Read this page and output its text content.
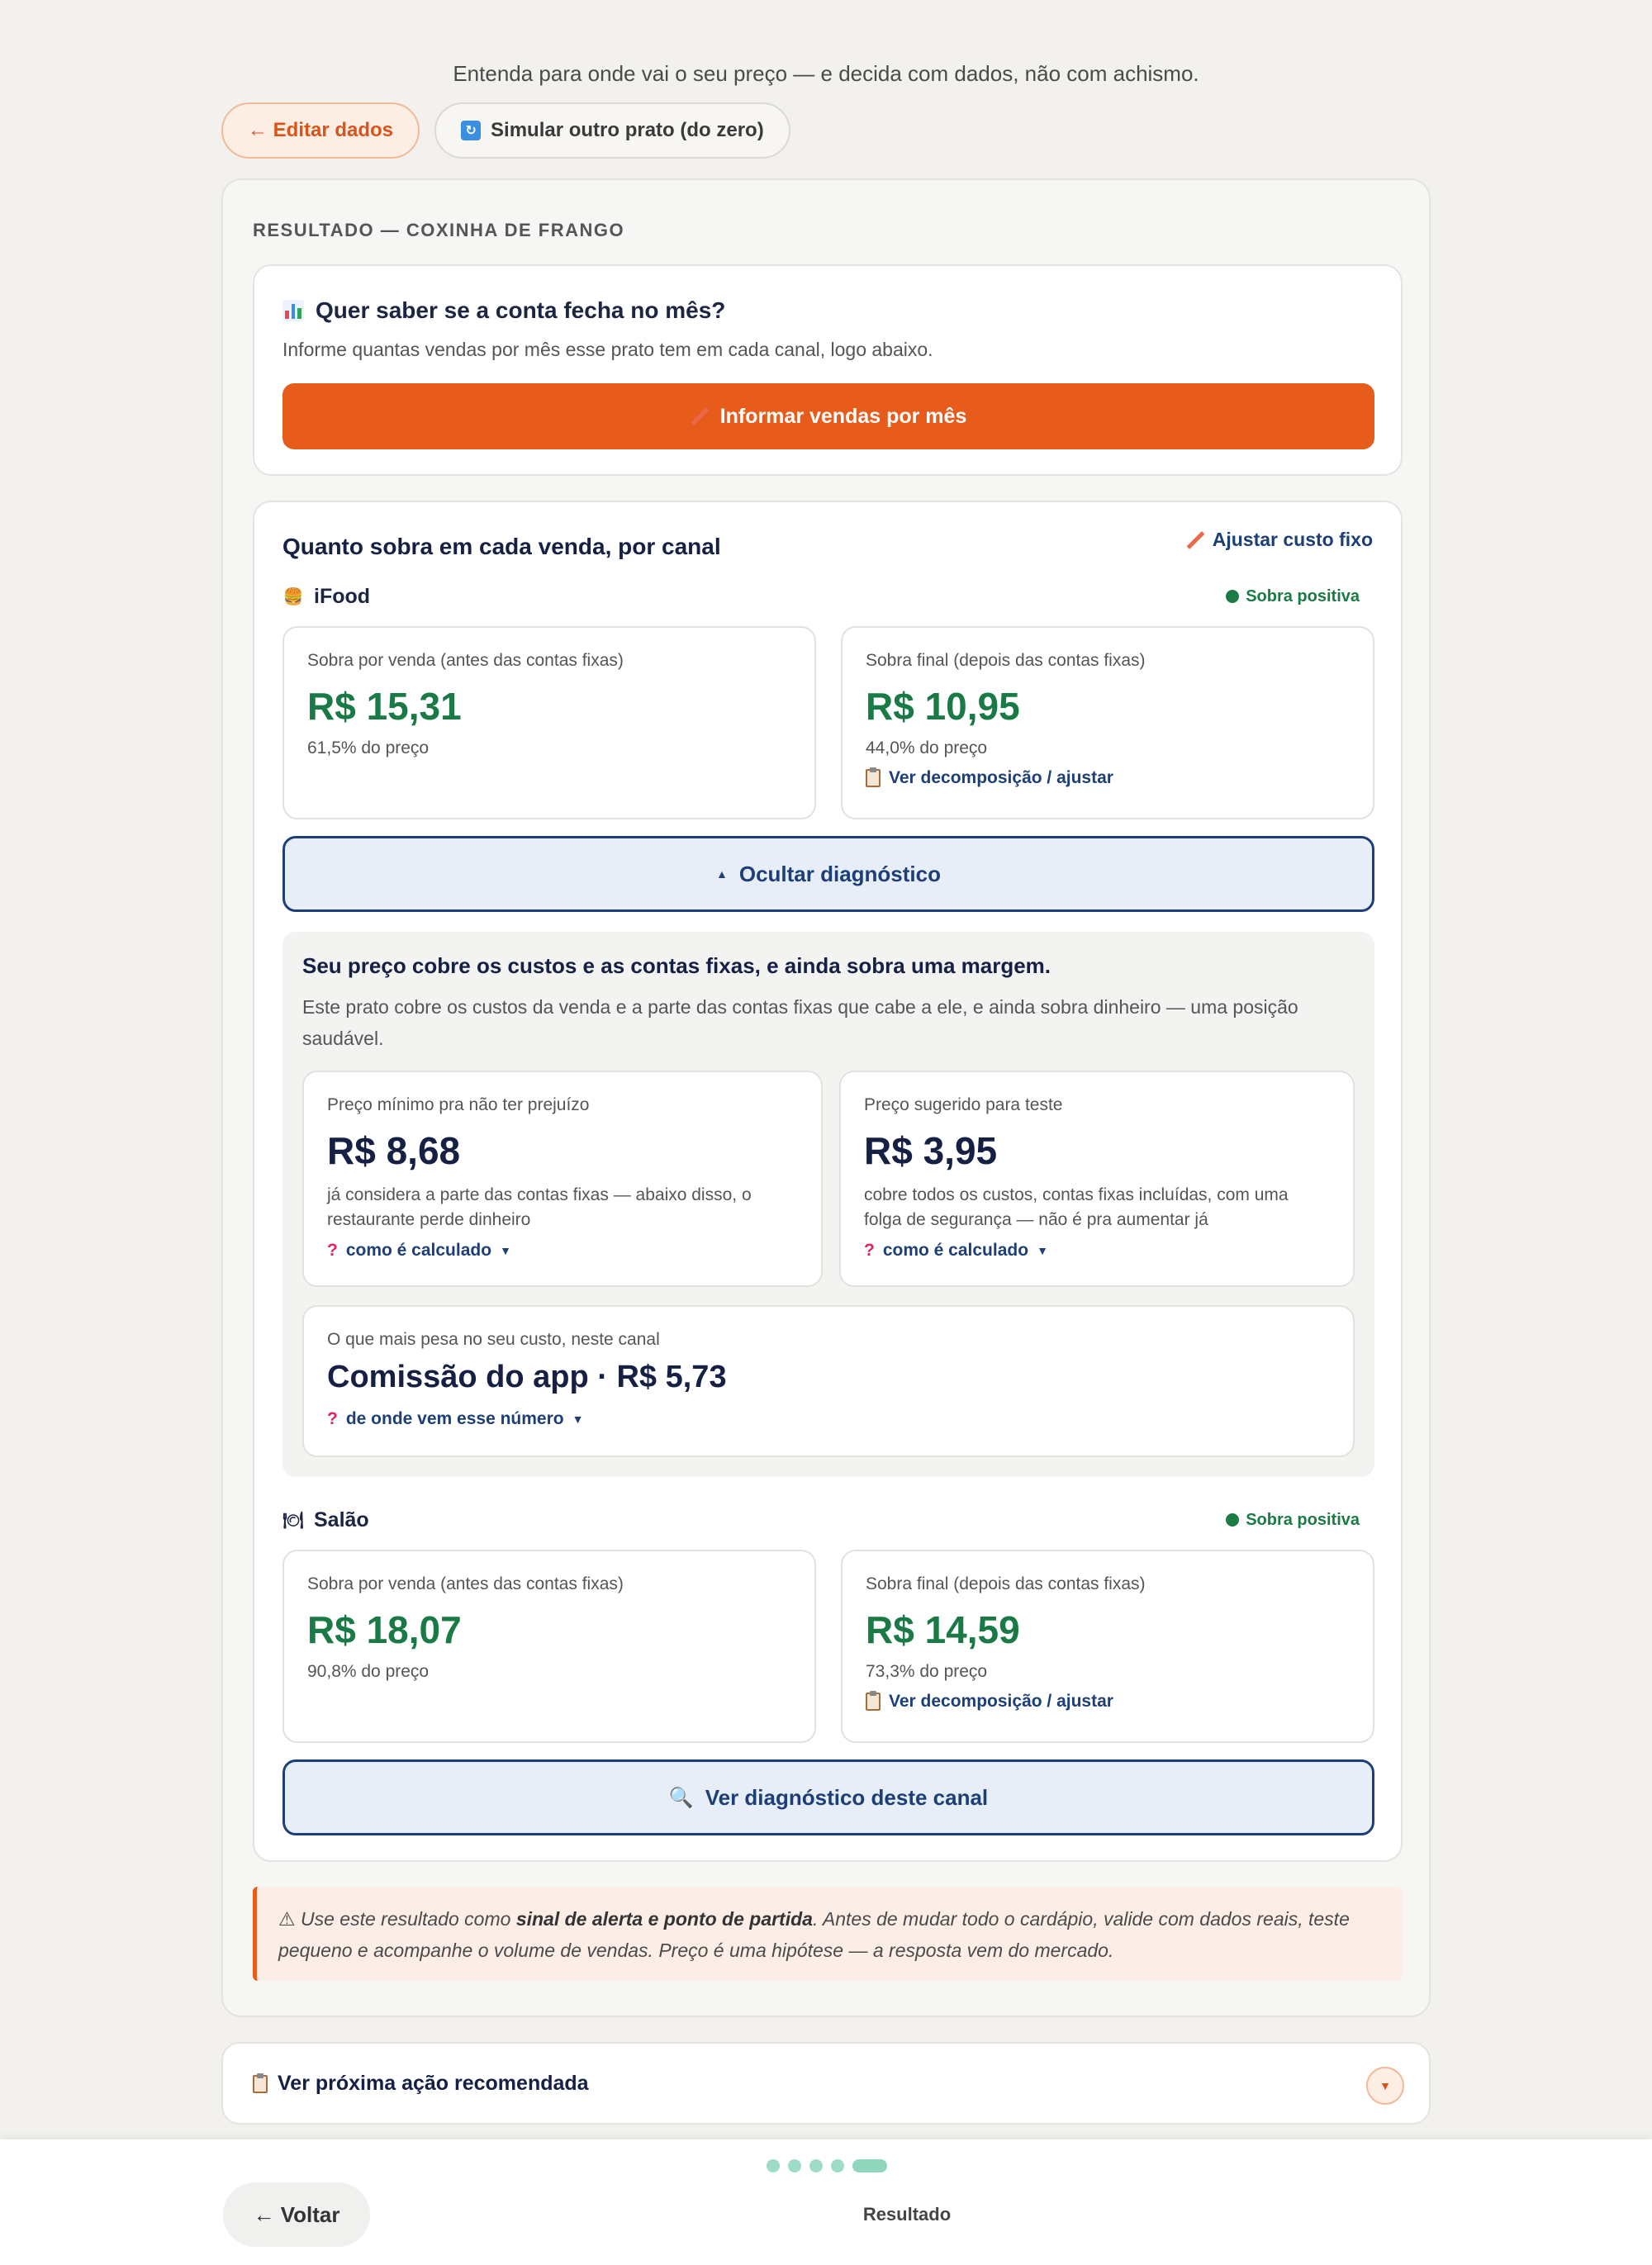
Entenda para onde vai o seu preço — e decida com dados, não com achismo.
← Editar dados	↻ Simular outro prato (do zero)
RESULTADO — COXINHA DE FRANGO
Quer saber se a conta fecha no mês?
Informe quantas vendas por mês esse prato tem em cada canal, logo abaixo.
Informar vendas por mês
Quanto sobra em cada venda, por canal	Ajustar custo fixo
🍔 iFood	Sobra positiva
Sobra por venda (antes das contas fixas)
R$ 15,31
61,5% do preço
Sobra final (depois das contas fixas)
R$ 10,95
44,0% do preço
Ver decomposição / ajustar
▲ Ocultar diagnóstico
Seu preço cobre os custos e as contas fixas, e ainda sobra uma margem.
Este prato cobre os custos da venda e a parte das contas fixas que cabe a ele, e ainda sobra dinheiro — uma posição saudável.
Preço mínimo pra não ter prejuízo
R$ 8,68
já considera a parte das contas fixas — abaixo disso, o restaurante perde dinheiro
? como é calculado ▼
Preço sugerido para teste
R$ 3,95
cobre todos os custos, contas fixas incluídas, com uma folga de segurança — não é pra aumentar já
? como é calculado ▼
O que mais pesa no seu custo, neste canal
Comissão do app · R$ 5,73
? de onde vem esse número ▼
🍽 Salão	Sobra positiva
Sobra por venda (antes das contas fixas)
R$ 18,07
90,8% do preço
Sobra final (depois das contas fixas)
R$ 14,59
73,3% do preço
Ver decomposição / ajustar
🔍 Ver diagnóstico deste canal
⚠ Use este resultado como sinal de alerta e ponto de partida. Antes de mudar todo o cardápio, valide com dados reais, teste pequeno e acompanhe o volume de vendas. Preço é uma hipótese — a resposta vem do mercado.
Ver próxima ação recomendada	▼
← Voltar	Resultado
